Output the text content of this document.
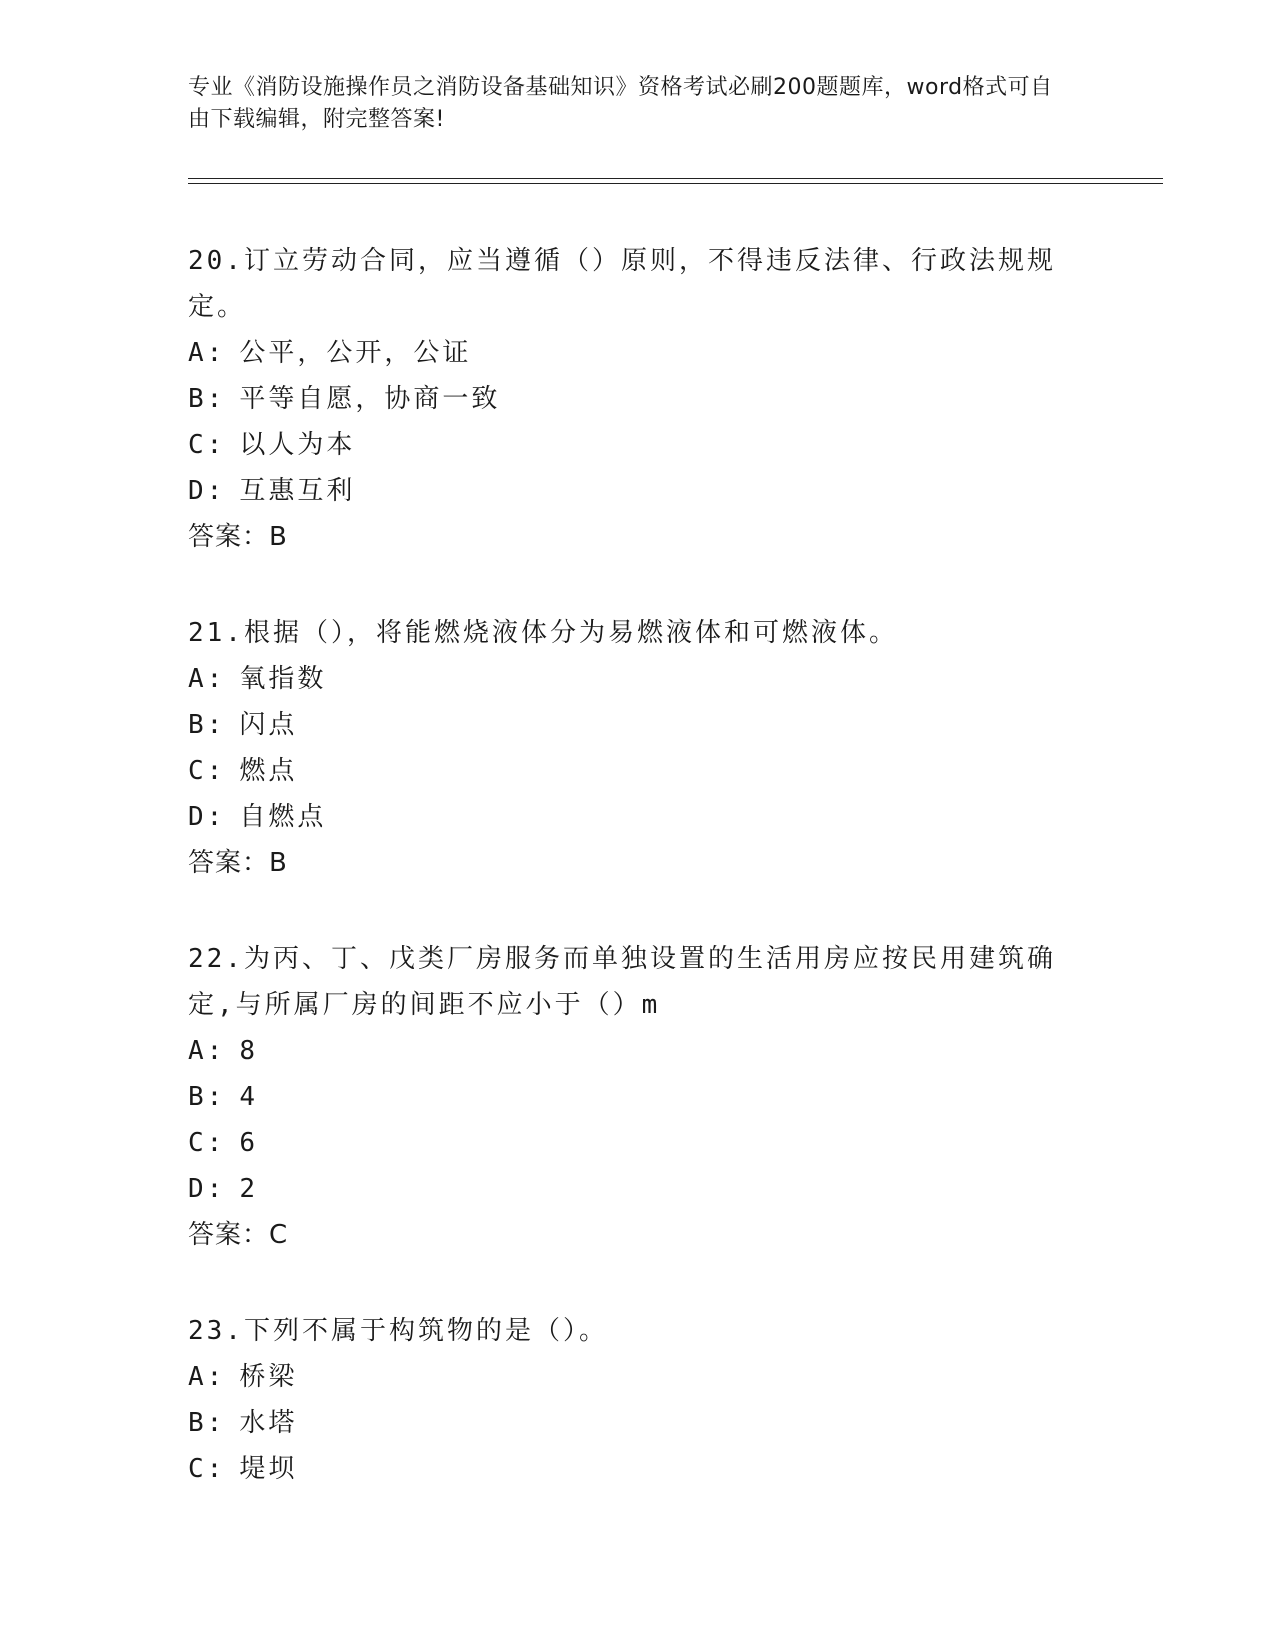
专业《消防设施操作员之消防设备基础知识》资格考试必刷200题题库，word格式可自由下载编辑，附完整答案!
20.订立劳动合同，应当遵循（）原则，不得违反法律、行政法规规定。
A: 公平，公开，公证
B: 平等自愿，协商一致
C: 以人为本
D: 互惠互利
答案：B
21.根据（），将能燃烧液体分为易燃液体和可燃液体。
A: 氧指数
B: 闪点
C: 燃点
D: 自燃点
答案：B
22.为丙、丁、戊类厂房服务而单独设置的生活用房应按民用建筑确定,与所属厂房的间距不应小于（）m
A: 8
B: 4
C: 6
D: 2
答案：C
23.下列不属于构筑物的是（）。
A: 桥梁
B: 水塔
C: 堤坝
